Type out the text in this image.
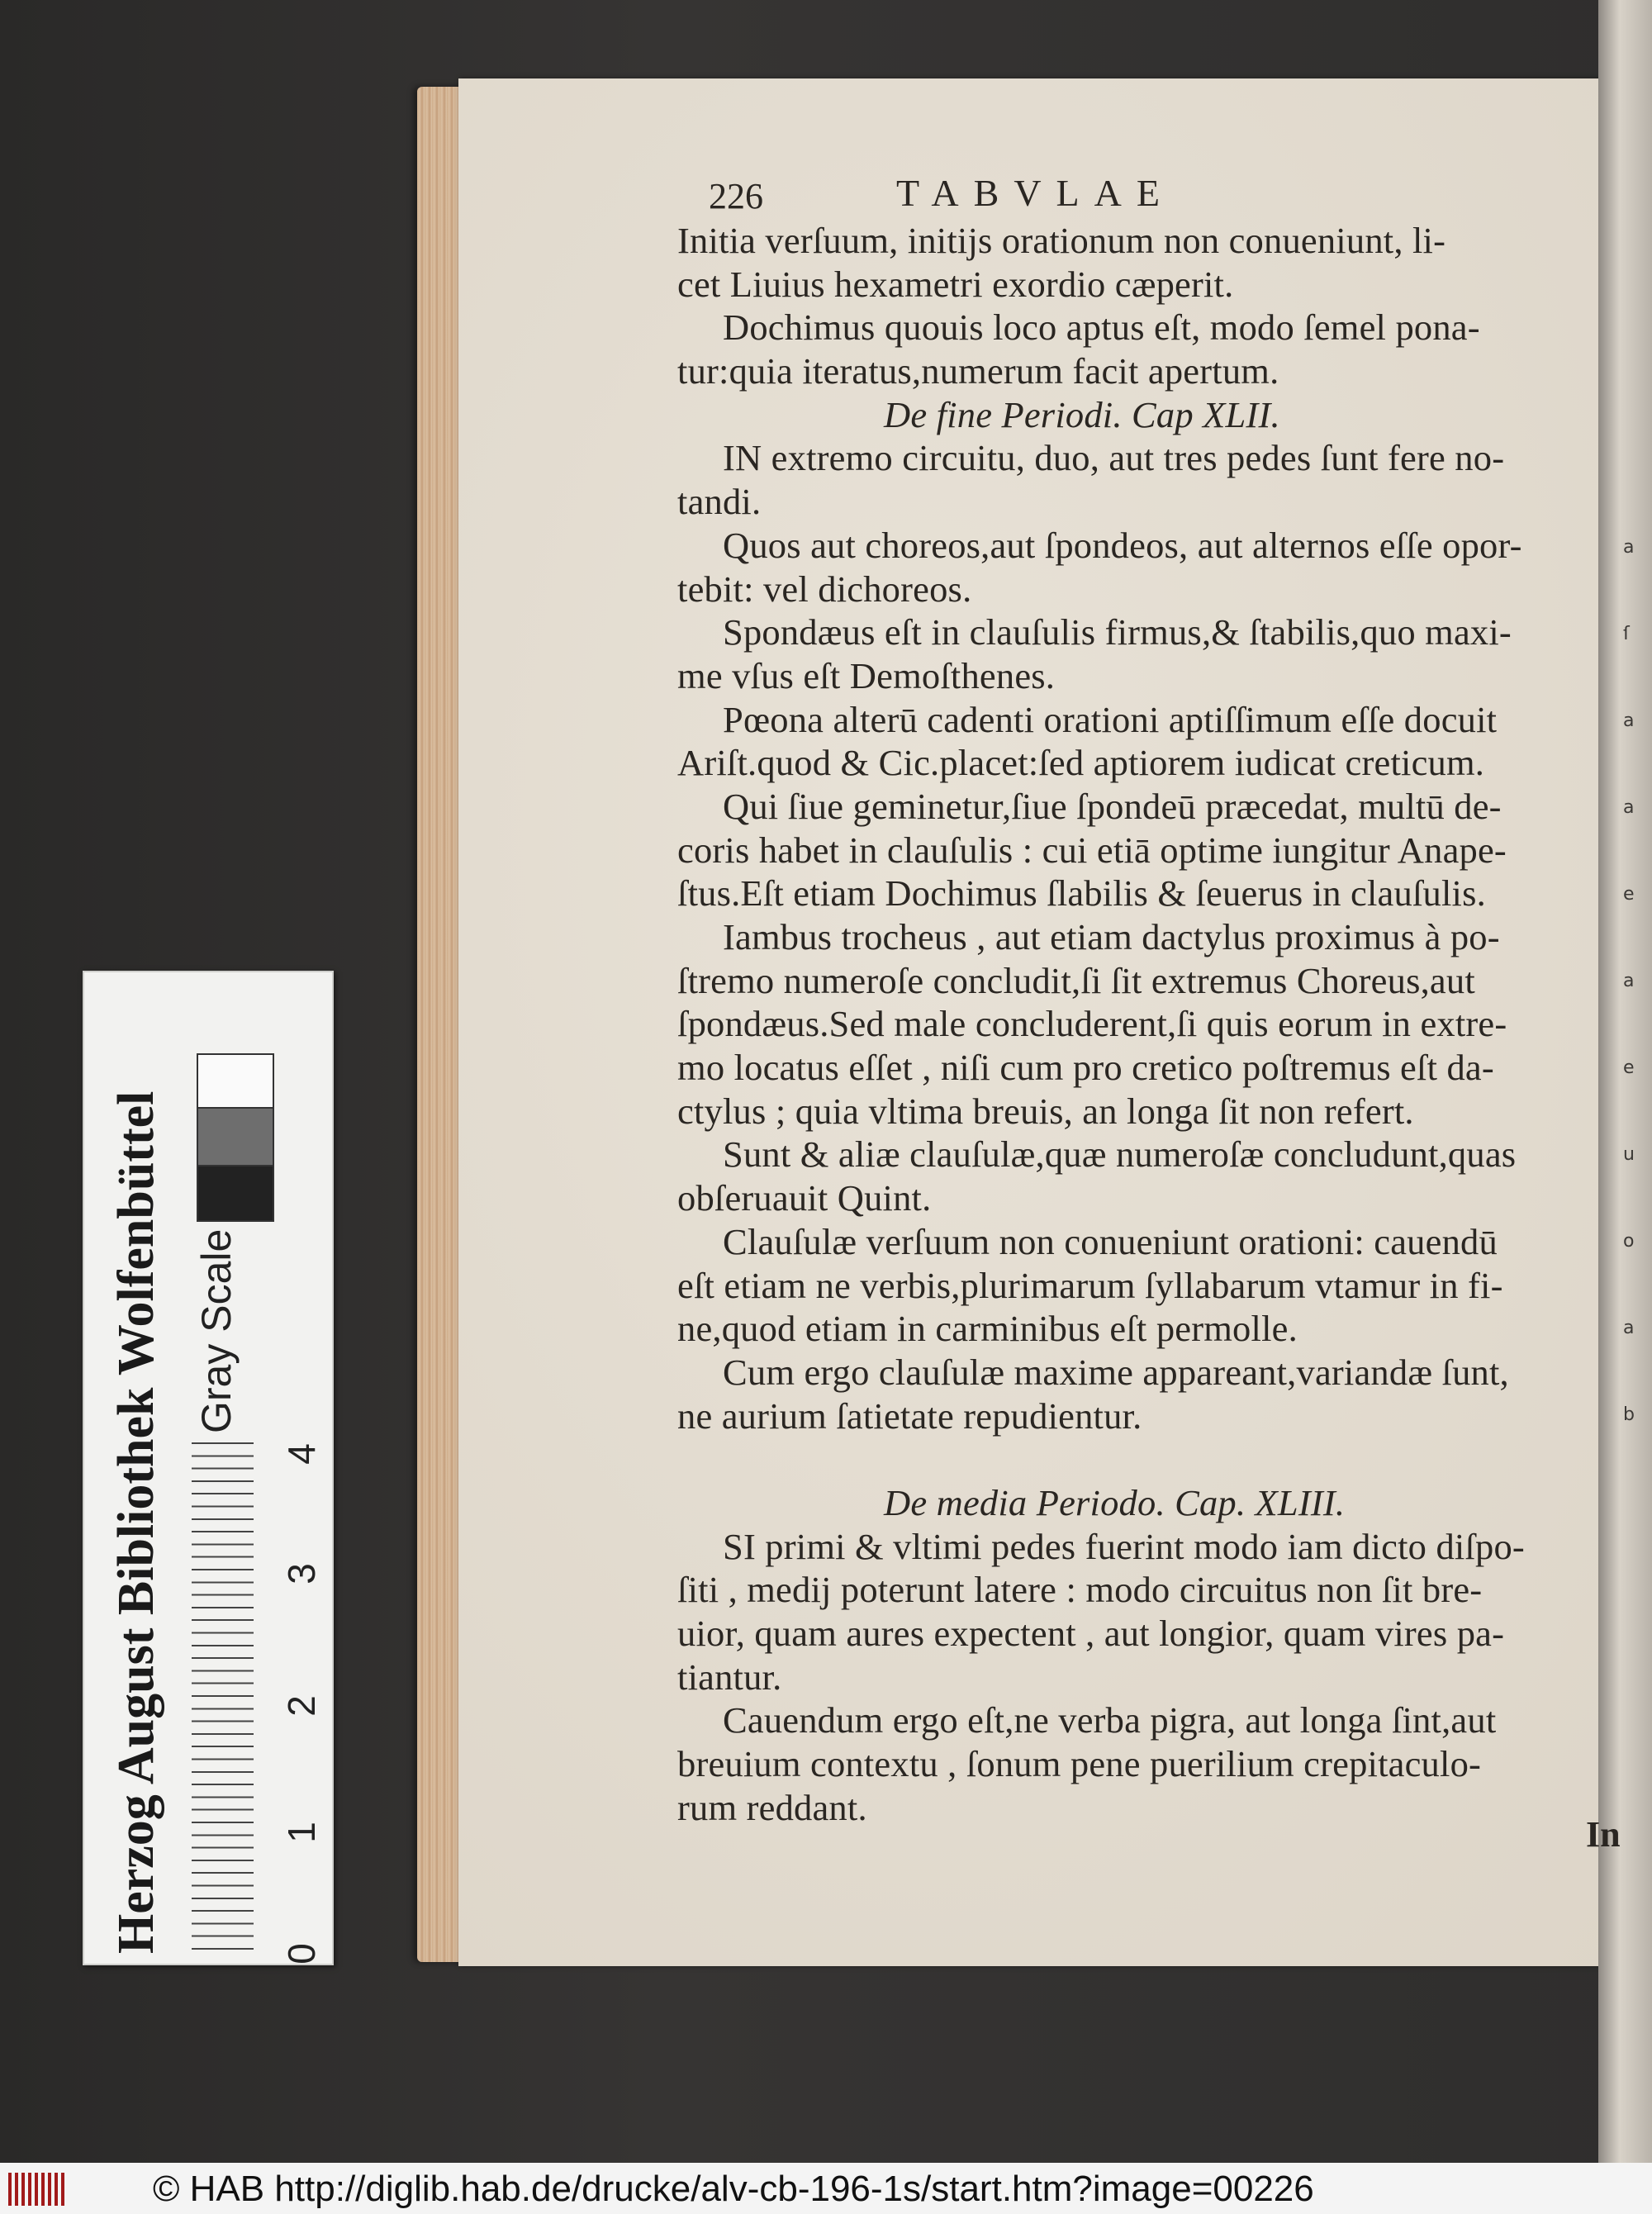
Herzog August Bibliothek Wolfenbüttel Gray Scale
0
1
2
3
4
a
ſ
a
a
e
a
e
u
o
a
b
226	TABVLAE
Initia verſuum, initijs orationum non conueniunt, li-
cet Liuius hexametri exordio cæperit.
Dochimus quouis loco aptus eſt, modo ſemel pona-
tur:quia iteratus,numerum facit apertum.
De fine Periodi. Cap XLII.
IN extremo circuitu, duo, aut tres pedes ſunt fere no-
tandi.
Quos aut choreos,aut ſpondeos, aut alternos eſſe opor-
tebit: vel dichoreos.
Spondæus eſt in clauſulis firmus,& ſtabilis,quo maxi-
me vſus eſt Demoſthenes.
Pœona alterū cadenti orationi aptiſſimum eſſe docuit
Ariſt.quod & Cic.placet:ſed aptiorem iudicat creticum.
Qui ſiue geminetur,ſiue ſpondeū præcedat, multū de-
coris habet in clauſulis : cui etiā optime iungitur Anape-
ſtus.Eſt etiam Dochimus ſlabilis & ſeuerus in clauſulis.
Iambus trocheus , aut etiam dactylus proximus à po-
ſtremo numeroſe concludit,ſi ſit extremus Choreus,aut
ſpondæus.Sed male concluderent,ſi quis eorum in extre-
mo locatus eſſet , niſi cum pro cretico poſtremus eſt da-
ctylus ; quia vltima breuis, an longa ſit non refert.
Sunt & aliæ clauſulæ,quæ numeroſæ concludunt,quas
obſeruauit Quint.
Clauſulæ verſuum non conueniunt orationi: cauendū
eſt etiam ne verbis,plurimarum ſyllabarum vtamur in fi-
ne,quod etiam in carminibus eſt permolle.
Cum ergo clauſulæ maxime appareant,variandæ ſunt,
ne aurium ſatietate repudientur.
De media Periodo. Cap. XLIII.
SI primi & vltimi pedes fuerint modo iam dicto diſpo-
ſiti , medij poterunt latere : modo circuitus non ſit bre-
uior, quam aures expectent , aut longior, quam vires pa-
tiantur.
Cauendum ergo eſt,ne verba pigra, aut longa ſint,aut
breuium contextu , ſonum pene puerilium crepitaculo-
rum reddant.
In
© HAB http://diglib.hab.de/drucke/alv-cb-196-1s/start.htm?image=00226
